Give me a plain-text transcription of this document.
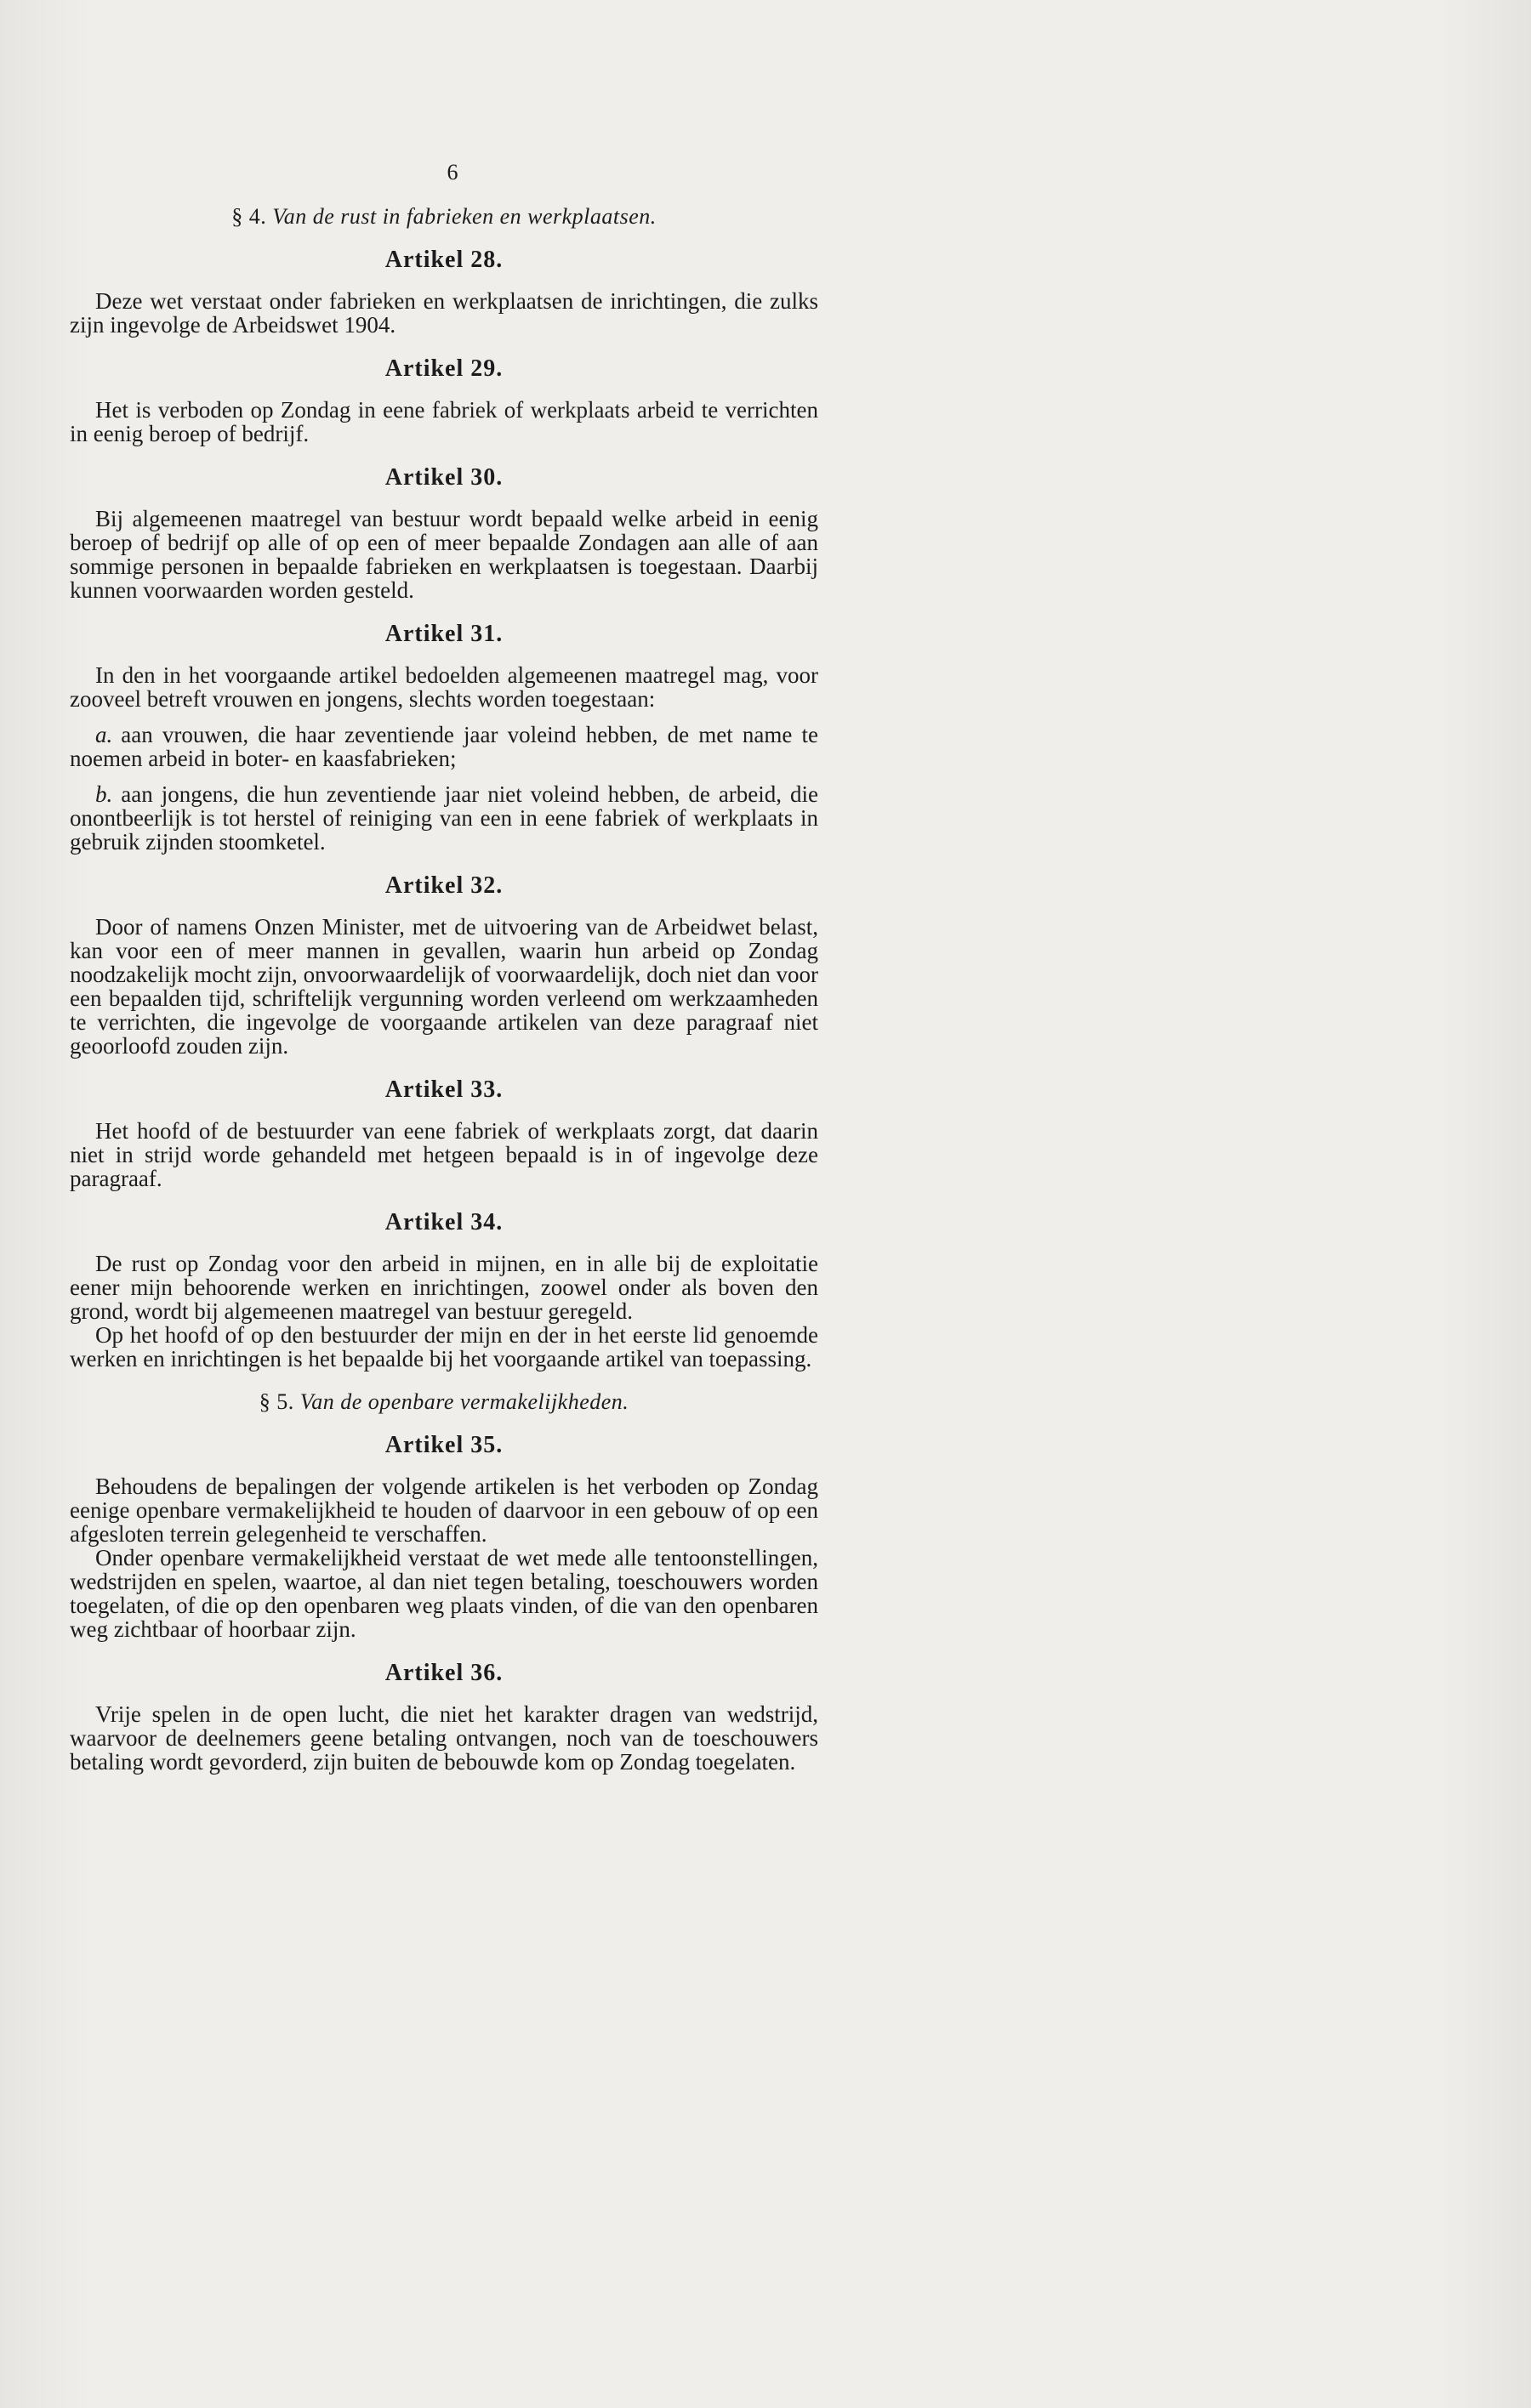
6
§ 4. Van de rust in fabrieken en werkplaatsen.
Artikel 28.

Deze wet verstaat onder fabrieken en werkplaatsen de inrichtingen, die zulks zijn ingevolge de Arbeidswet 1904.

Artikel 29.

Het is verboden op Zondag in eene fabriek of werkplaats arbeid te verrichten in eenig beroep of bedrijf.

Artikel 30.

Bij algemeenen maatregel van bestuur wordt bepaald welke arbeid in eenig beroep of bedrijf op alle of op een of meer bepaalde Zondagen aan alle of aan sommige personen in bepaalde fabrieken en werkplaatsen is toegestaan. Daarbij kunnen voorwaarden worden gesteld.

Artikel 31.

In den in het voorgaande artikel bedoelden algemeenen maatregel mag, voor zooveel betreft vrouwen en jongens, slechts worden toegestaan:

a. aan vrouwen, die haar zeventiende jaar voleind hebben, de met name te noemen arbeid in boter- en kaasfabrieken;

b. aan jongens, die hun zeventiende jaar niet voleind hebben, de arbeid, die onontbeerlijk is tot herstel of reiniging van een in eene fabriek of werkplaats in gebruik zijnden stoomketel.

Artikel 32.

Door of namens Onzen Minister, met de uitvoering van de Arbeidwet belast, kan voor een of meer mannen in gevallen, waarin hun arbeid op Zondag noodzakelijk mocht zijn, onvoorwaardelijk of voorwaardelijk, doch niet dan voor een bepaalden tijd, schriftelijk vergunning worden verleend om werkzaamheden te verrichten, die ingevolge de voorgaande artikelen van deze paragraaf niet geoorloofd zouden zijn.

Artikel 33.

Het hoofd of de bestuurder van eene fabriek of werkplaats zorgt, dat daarin niet in strijd worde gehandeld met hetgeen bepaald is in of ingevolge deze paragraaf.

Artikel 34.

De rust op Zondag voor den arbeid in mijnen, en in alle bij de exploitatie eener mijn behoorende werken en inrichtingen, zoowel onder als boven den grond, wordt bij algemeenen maatregel van bestuur geregeld.

Op het hoofd of op den bestuurder der mijn en der in het eerste lid genoemde werken en inrichtingen is het bepaalde bij het voorgaande artikel van toepassing.

§ 5. Van de openbare vermakelijkheden.
Artikel 35.

Behoudens de bepalingen der volgende artikelen is het verboden op Zondag eenige openbare vermakelijkheid te houden of daarvoor in een gebouw of op een afgesloten terrein gelegenheid te verschaffen.

Onder openbare vermakelijkheid verstaat de wet mede alle tentoonstellingen, wedstrijden en spelen, waartoe, al dan niet tegen betaling, toeschouwers worden toegelaten, of die op den openbaren weg plaats vinden, of die van den openbaren weg zichtbaar of hoorbaar zijn.

Artikel 36.

Vrije spelen in de open lucht, die niet het karakter dragen van wedstrijd, waarvoor de deelnemers geene betaling ontvangen, noch van de toeschouwers betaling wordt gevorderd, zijn buiten de bebouwde kom op Zondag toegelaten.
